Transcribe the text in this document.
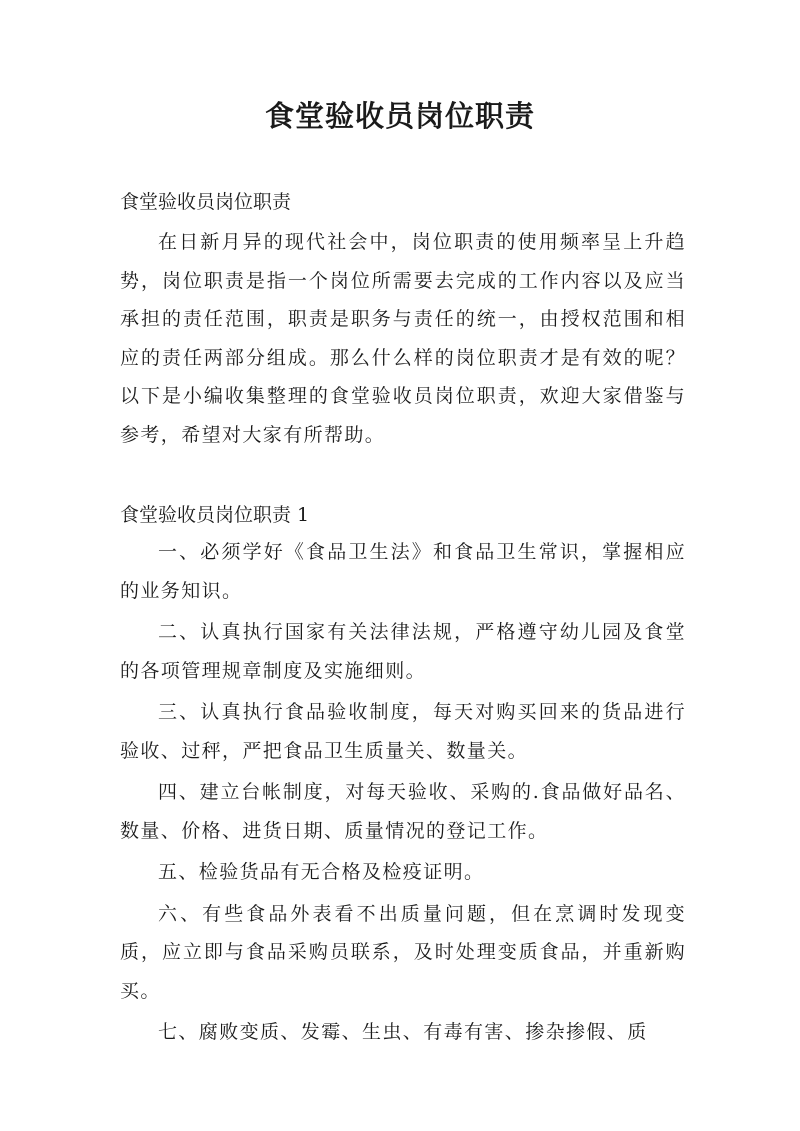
食堂验收员岗位职责

食堂验收员岗位职责

在日新月异的现代社会中，岗位职责的使用频率呈上升趋势，岗位职责是指一个岗位所需要去完成的工作内容以及应当承担的责任范围，职责是职务与责任的统一，由授权范围和相应的责任两部分组成。那么什么样的岗位职责才是有效的呢？以下是小编收集整理的食堂验收员岗位职责，欢迎大家借鉴与参考，希望对大家有所帮助。

食堂验收员岗位职责 1

一、必须学好《食品卫生法》和食品卫生常识，掌握相应的业务知识。

二、认真执行国家有关法律法规，严格遵守幼儿园及食堂的各项管理规章制度及实施细则。

三、认真执行食品验收制度，每天对购买回来的货品进行验收、过秤，严把食品卫生质量关、数量关。

四、建立台帐制度，对每天验收、采购的.食品做好品名、数量、价格、进货日期、质量情况的登记工作。

五、检验货品有无合格及检疫证明。

六、有些食品外表看不出质量问题，但在烹调时发现变质，应立即与食品采购员联系，及时处理变质食品，并重新购买。

七、腐败变质、发霉、生虫、有毒有害、掺杂掺假、质
